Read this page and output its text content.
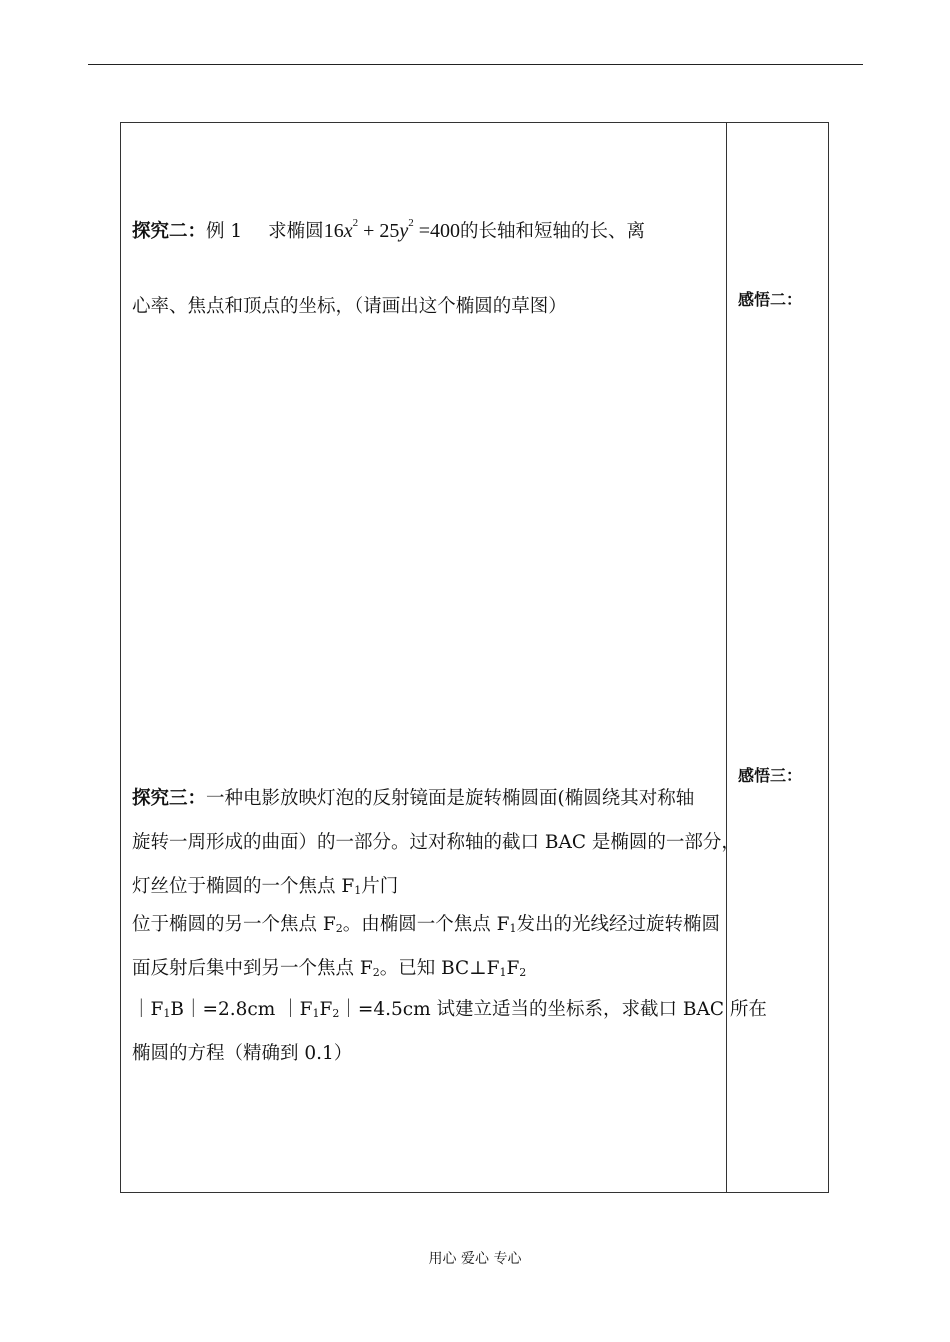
探究二：例 1 求椭圆$16x^2 + 25y^2 =400$的长轴和短轴的长、离
心率、焦点和顶点的坐标，（请画出这个椭圆的草图）
探究三：一种电影放映灯泡的反射镜面是旋转椭圆面(椭圆绕其对称轴
旋转一周形成的曲面）的一部分。过对称轴的截口 BAC 是椭圆的一部分，
灯丝位于椭圆的一个焦点 F1片门
位于椭圆的另一个焦点 F2。由椭圆一个焦点 F1发出的光线经过旋转椭圆
面反射后集中到另一个焦点 F2。已知 BC⊥F1F2
｜F1B｜=2.8cm ｜F1F2｜=4.5cm 试建立适当的坐标系，求截口 BAC 所在
椭圆的方程（精确到 0.1）
感悟二：
感悟三：
用心 爱心 专心
